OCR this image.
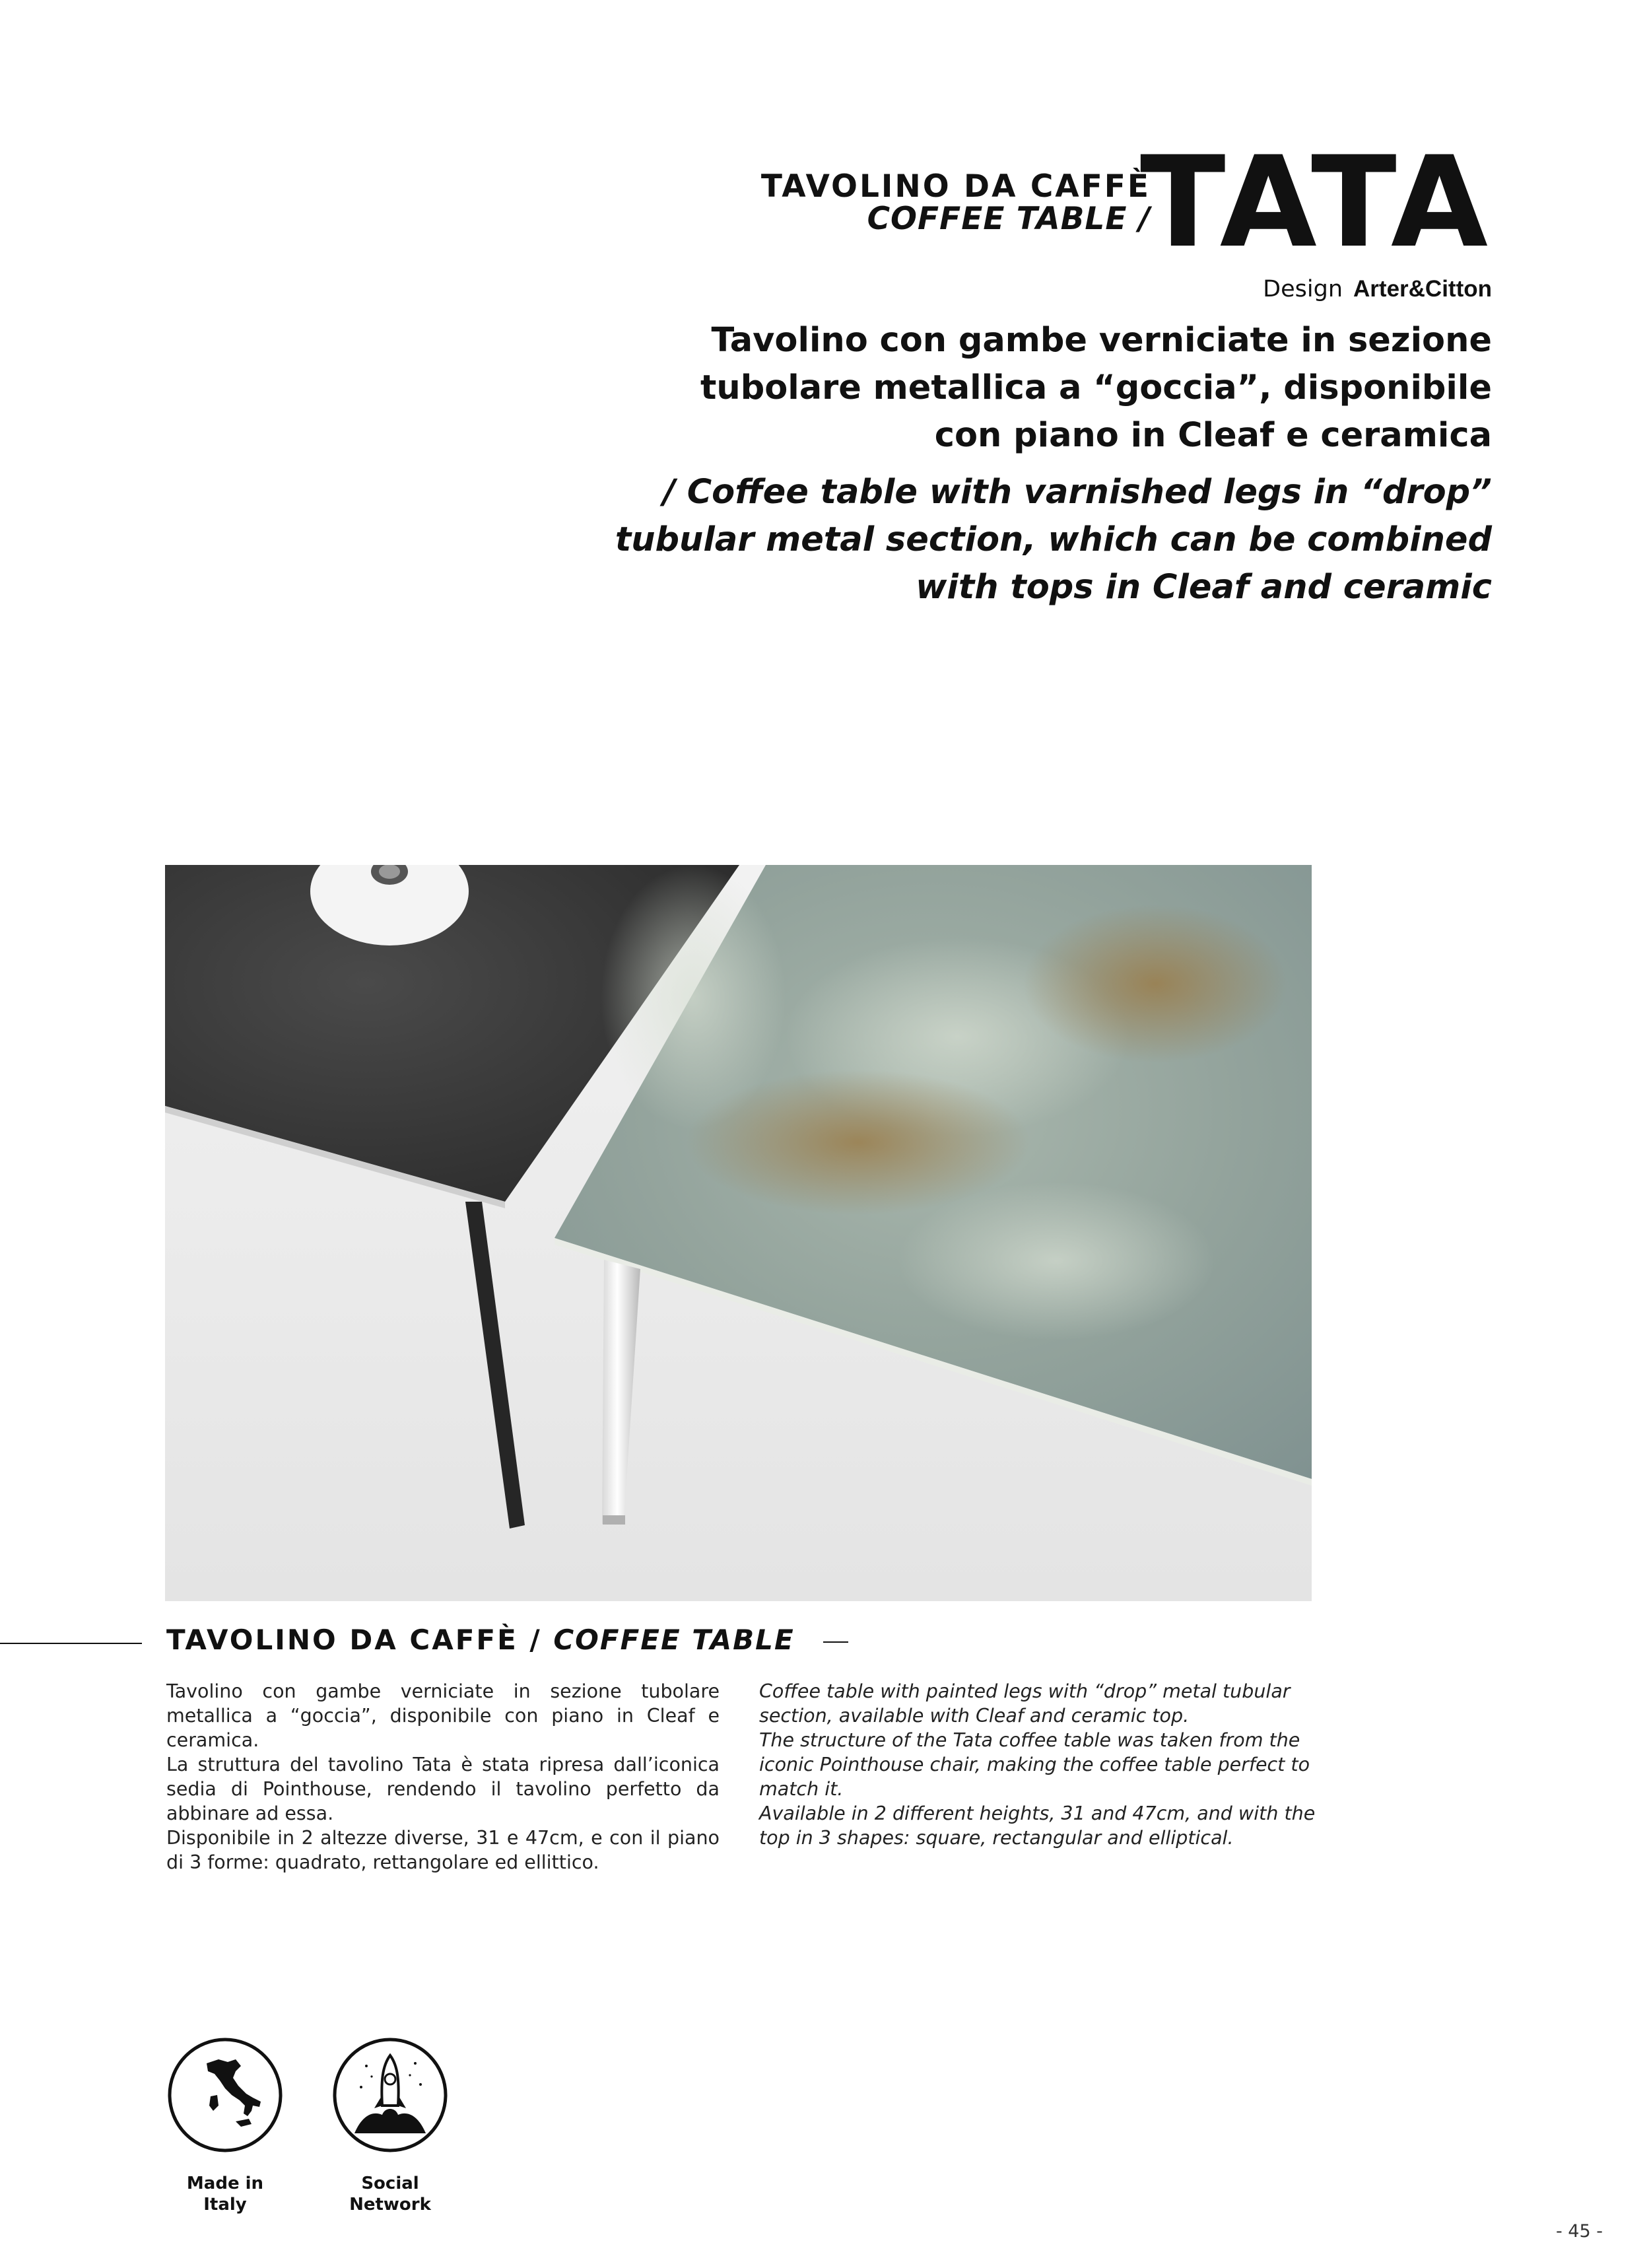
TAVOLINO DA CAFFÈ
COFFEE TABLE /
TATA
Design Arter&Citton
Tavolino con gambe verniciate in sezione tubolare metallica a “goccia”, disponibile con piano in Cleaf e ceramica
/ Coffee table with varnished legs in “drop” tubular metal section, which can be combined with tops in Cleaf and ceramic
TAVOLINO DA CAFFÈ / COFFEE TABLE

Tavolino con gambe verniciate in sezione tubolare metallica a “goccia”, disponibile con piano in Cleaf e ceramica.

La struttura del tavolino Tata è stata ripresa dall’iconica sedia di Pointhouse, rendendo il tavolino perfetto da abbinare ad essa.

Disponibile in 2 altezze diverse, 31 e 47cm, e con il piano di 3 forme: quadrato, rettangolare ed ellittico.

Coffee table with painted legs with “drop” metal tubular section, available with Cleaf and ceramic top.

The structure of the Tata coffee table was taken from the iconic Pointhouse chair, making the coffee table perfect to match it.

Available in 2 different heights, 31 and 47cm, and with the top in 3 shapes: square, rectangular and elliptical.

Made in
Italy
Social
Network
- 45 -
